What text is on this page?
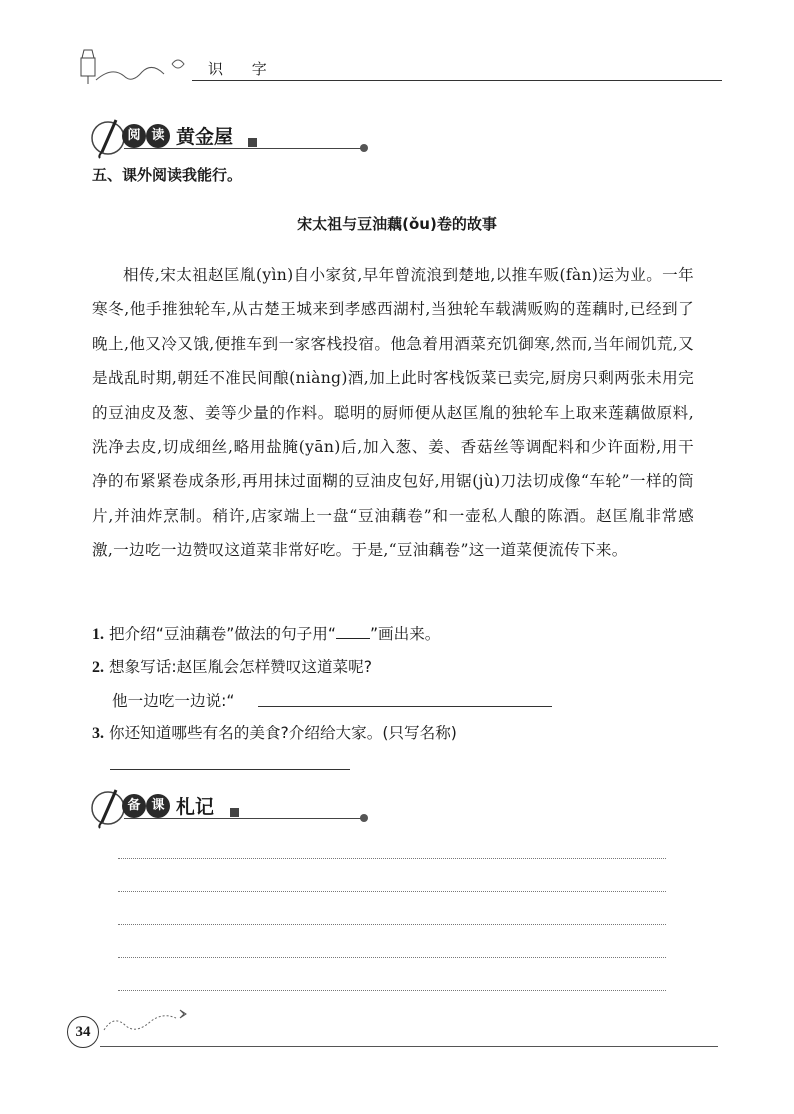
识 字
阅 读 黄金屋
五、课外阅读我能行。
宋太祖与豆油藕(ǒu)卷的故事
相传,宋太祖赵匡胤(yìn)自小家贫,早年曾流浪到楚地,以推车贩(fàn)运为业。一年寒冬,他手推独轮车,从古楚王城来到孝感西湖村,当独轮车载满贩购的莲藕时,已经到了晚上,他又冷又饿,便推车到一家客栈投宿。他急着用酒菜充饥御寒,然而,当年闹饥荒,又是战乱时期,朝廷不准民间酿(niàng)酒,加上此时客栈饭菜已卖完,厨房只剩两张未用完的豆油皮及葱、姜等少量的作料。聪明的厨师便从赵匡胤的独轮车上取来莲藕做原料,洗净去皮,切成细丝,略用盐腌(yān)后,加入葱、姜、香菇丝等调配料和少许面粉,用干净的布紧紧卷成条形,再用抹过面糊的豆油皮包好,用锯(jù)刀法切成像“车轮”一样的筒片,并油炸烹制。稍许,店家端上一盘“豆油藕卷”和一壶私人酿的陈酒。赵匡胤非常感激,一边吃一边赞叹这道菜非常好吃。于是,“豆油藕卷”这一道菜便流传下来。
1. 把介绍“豆油藕卷”做法的句子用“ ”画出来。
2. 想象写话:赵匡胤会怎样赞叹这道菜呢?
他一边吃一边说:“
3. 你还知道哪些有名的美食?介绍给大家。(只写名称)
备 课 札记
34
